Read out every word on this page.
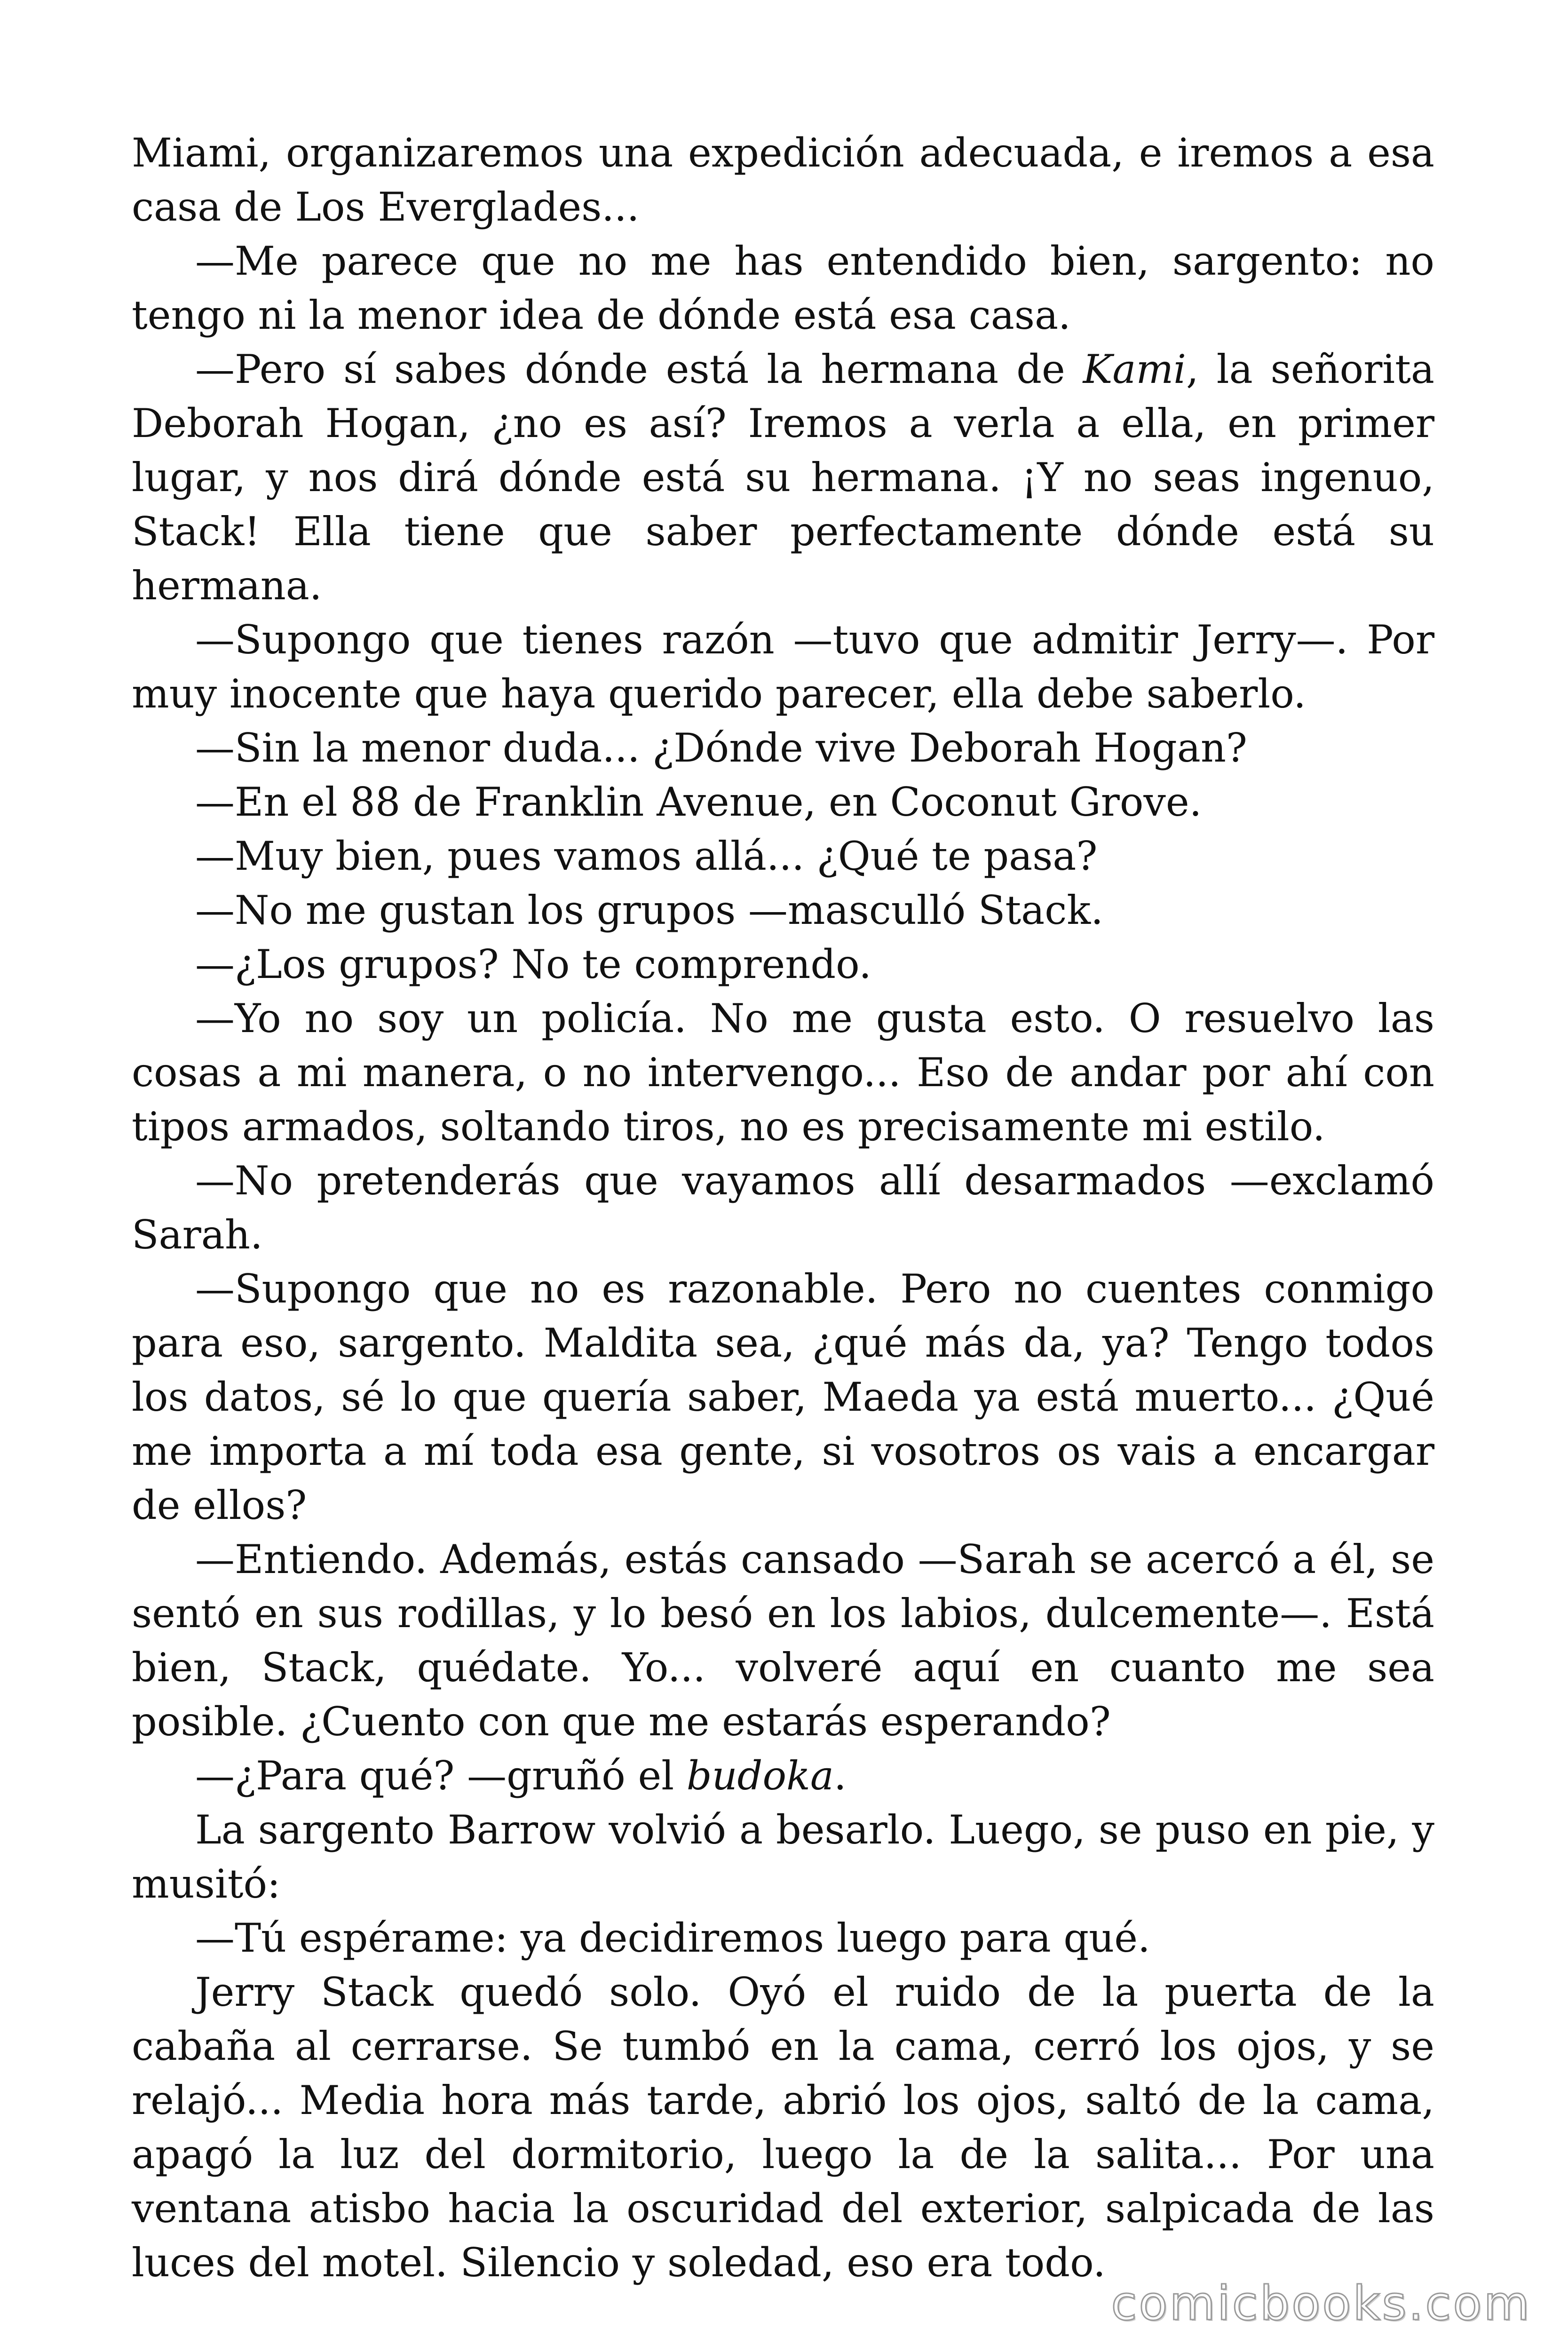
Miami, organizaremos una expedición adecuada, e iremos a esa casa de Los Everglades...

—Me parece que no me has entendido bien, sargento: no tengo ni la menor idea de dónde está esa casa.

—Pero sí sabes dónde está la hermana de Kami, la señorita Deborah Hogan, ¿no es así? Iremos a verla a ella, en primer lugar, y nos dirá dónde está su hermana. ¡Y no seas ingenuo, Stack! Ella tiene que saber perfectamente dónde está su hermana.

—Supongo que tienes razón —tuvo que admitir Jerry—. Por muy inocente que haya querido parecer, ella debe saberlo.

—Sin la menor duda... ¿Dónde vive Deborah Hogan?

—En el 88 de Franklin Avenue, en Coconut Grove.

—Muy bien, pues vamos allá... ¿Qué te pasa?

—No me gustan los grupos —masculló Stack.

—¿Los grupos? No te comprendo.

—Yo no soy un policía. No me gusta esto. O resuelvo las cosas a mi manera, o no intervengo... Eso de andar por ahí con tipos armados, soltando tiros, no es precisamente mi estilo.

—No pretenderás que vayamos allí desarmados —exclamó Sarah.

—Supongo que no es razonable. Pero no cuentes conmigo para eso, sargento. Maldita sea, ¿qué más da, ya? Tengo todos los datos, sé lo que quería saber, Maeda ya está muerto... ¿Qué me importa a mí toda esa gente, si vosotros os vais a encargar de ellos?

—Entiendo. Además, estás cansado —Sarah se acercó a él, se sentó en sus rodillas, y lo besó en los labios, dulcemente—. Está bien, Stack, quédate. Yo... volveré aquí en cuanto me sea posible. ¿Cuento con que me estarás esperando?

—¿Para qué? —gruñó el budoka.

La sargento Barrow volvió a besarlo. Luego, se puso en pie, y musitó:

—Tú espérame: ya decidiremos luego para qué.

Jerry Stack quedó solo. Oyó el ruido de la puerta de la cabaña al cerrarse. Se tumbó en la cama, cerró los ojos, y se relajó... Media hora más tarde, abrió los ojos, saltó de la cama, apagó la luz del dormitorio, luego la de la salita... Por una ventana atisbo hacia la oscuridad del exterior, salpicada de las luces del motel. Silencio y soledad, eso era todo.

comicbooks.com
